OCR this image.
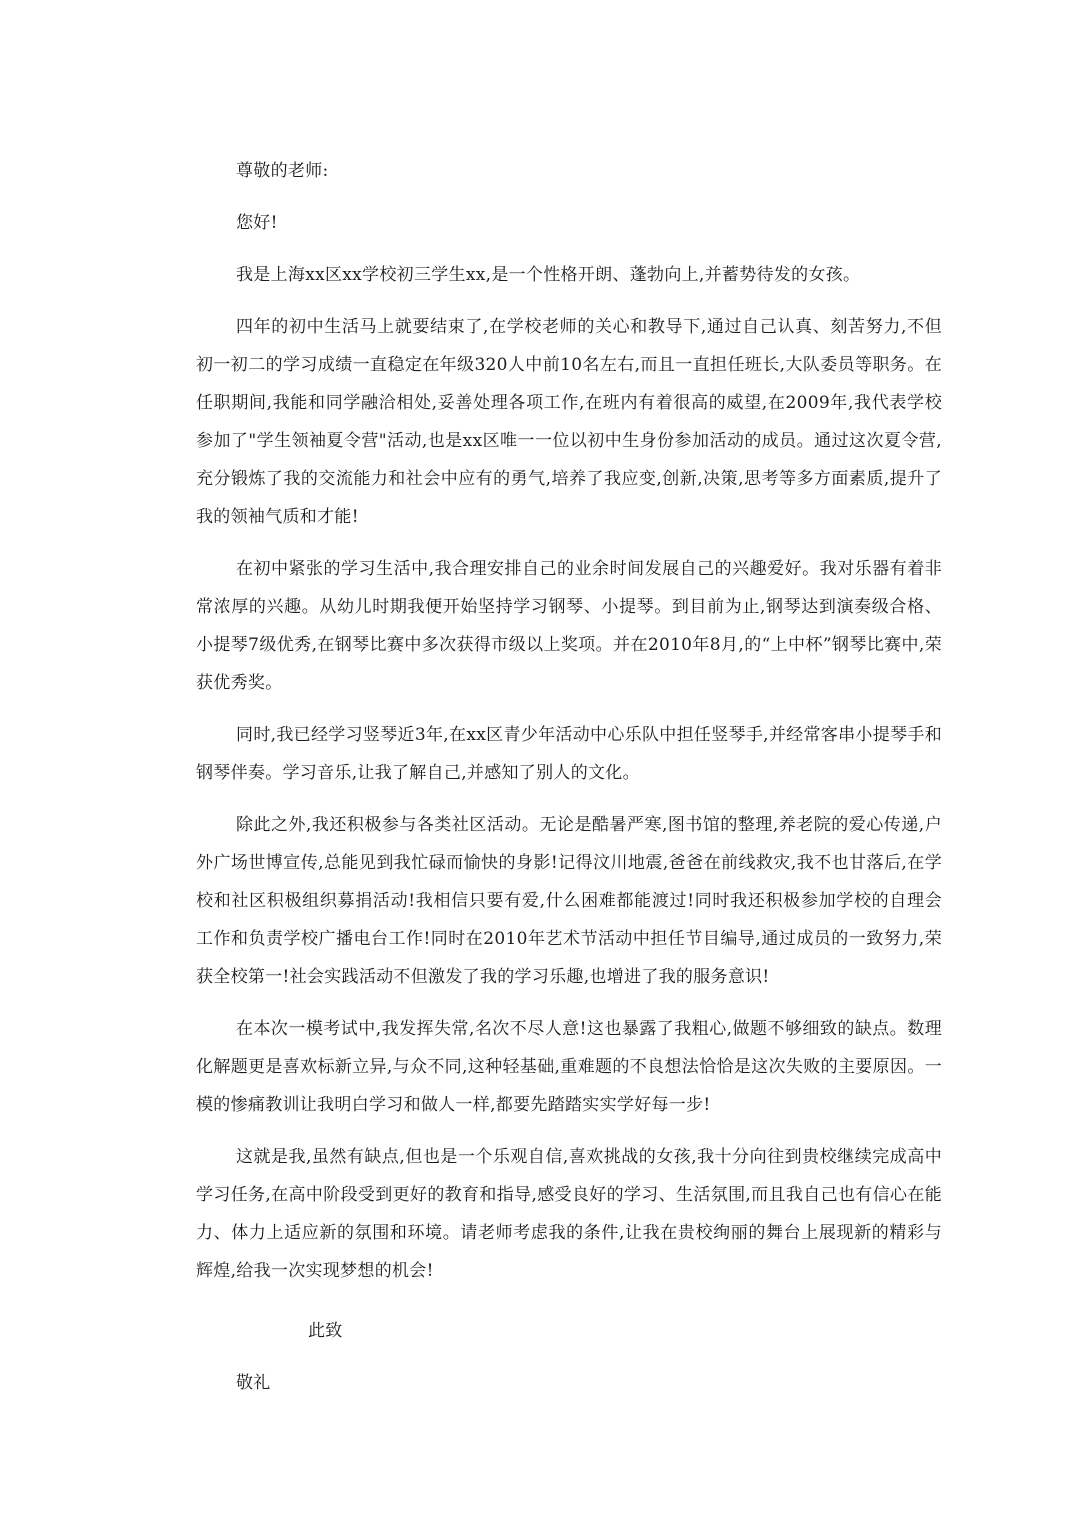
尊敬的老师:
您好!

我是上海xx区xx学校初三学生xx,是一个性格开朗、蓬勃向上,并蓄势待发的女孩。

四年的初中生活马上就要结束了,在学校老师的关心和教导下,通过自己认真、刻苦努力,不但初一初二的学习成绩一直稳定在年级320人中前10名左右,而且一直担任班长,大队委员等职务。在任职期间,我能和同学融洽相处,妥善处理各项工作,在班内有着很高的威望,在2009年,我代表学校参加了"学生领袖夏令营"活动,也是xx区唯一一位以初中生身份参加活动的成员。通过这次夏令营,充分锻炼了我的交流能力和社会中应有的勇气,培养了我应变,创新,决策,思考等多方面素质,提升了我的领袖气质和才能!

在初中紧张的学习生活中,我合理安排自己的业余时间发展自己的兴趣爱好。我对乐器有着非常浓厚的兴趣。从幼儿时期我便开始坚持学习钢琴、小提琴。到目前为止,钢琴达到演奏级合格、小提琴7级优秀,在钢琴比赛中多次获得市级以上奖项。并在2010年8月,的“上中杯”钢琴比赛中,荣获优秀奖。

同时,我已经学习竖琴近3年,在xx区青少年活动中心乐队中担任竖琴手,并经常客串小提琴手和钢琴伴奏。学习音乐,让我了解自己,并感知了别人的文化。

除此之外,我还积极参与各类社区活动。无论是酷暑严寒,图书馆的整理,养老院的爱心传递,户外广场世博宣传,总能见到我忙碌而愉快的身影!记得汶川地震,爸爸在前线救灾,我不也甘落后,在学校和社区积极组织募捐活动!我相信只要有爱,什么困难都能渡过!同时我还积极参加学校的自理会工作和负责学校广播电台工作!同时在2010年艺术节活动中担任节目编导,通过成员的一致努力,荣获全校第一!社会实践活动不但激发了我的学习乐趣,也增进了我的服务意识!

在本次一模考试中,我发挥失常,名次不尽人意!这也暴露了我粗心,做题不够细致的缺点。数理化解题更是喜欢标新立异,与众不同,这种轻基础,重难题的不良想法恰恰是这次失败的主要原因。一模的惨痛教训让我明白学习和做人一样,都要先踏踏实实学好每一步!

这就是我,虽然有缺点,但也是一个乐观自信,喜欢挑战的女孩,我十分向往到贵校继续完成高中学习任务,在高中阶段受到更好的教育和指导,感受良好的学习、生活氛围,而且我自己也有信心在能力、体力上适应新的氛围和环境。请老师考虑我的条件,让我在贵校绚丽的舞台上展现新的精彩与辉煌,给我一次实现梦想的机会!

此致
敬礼
